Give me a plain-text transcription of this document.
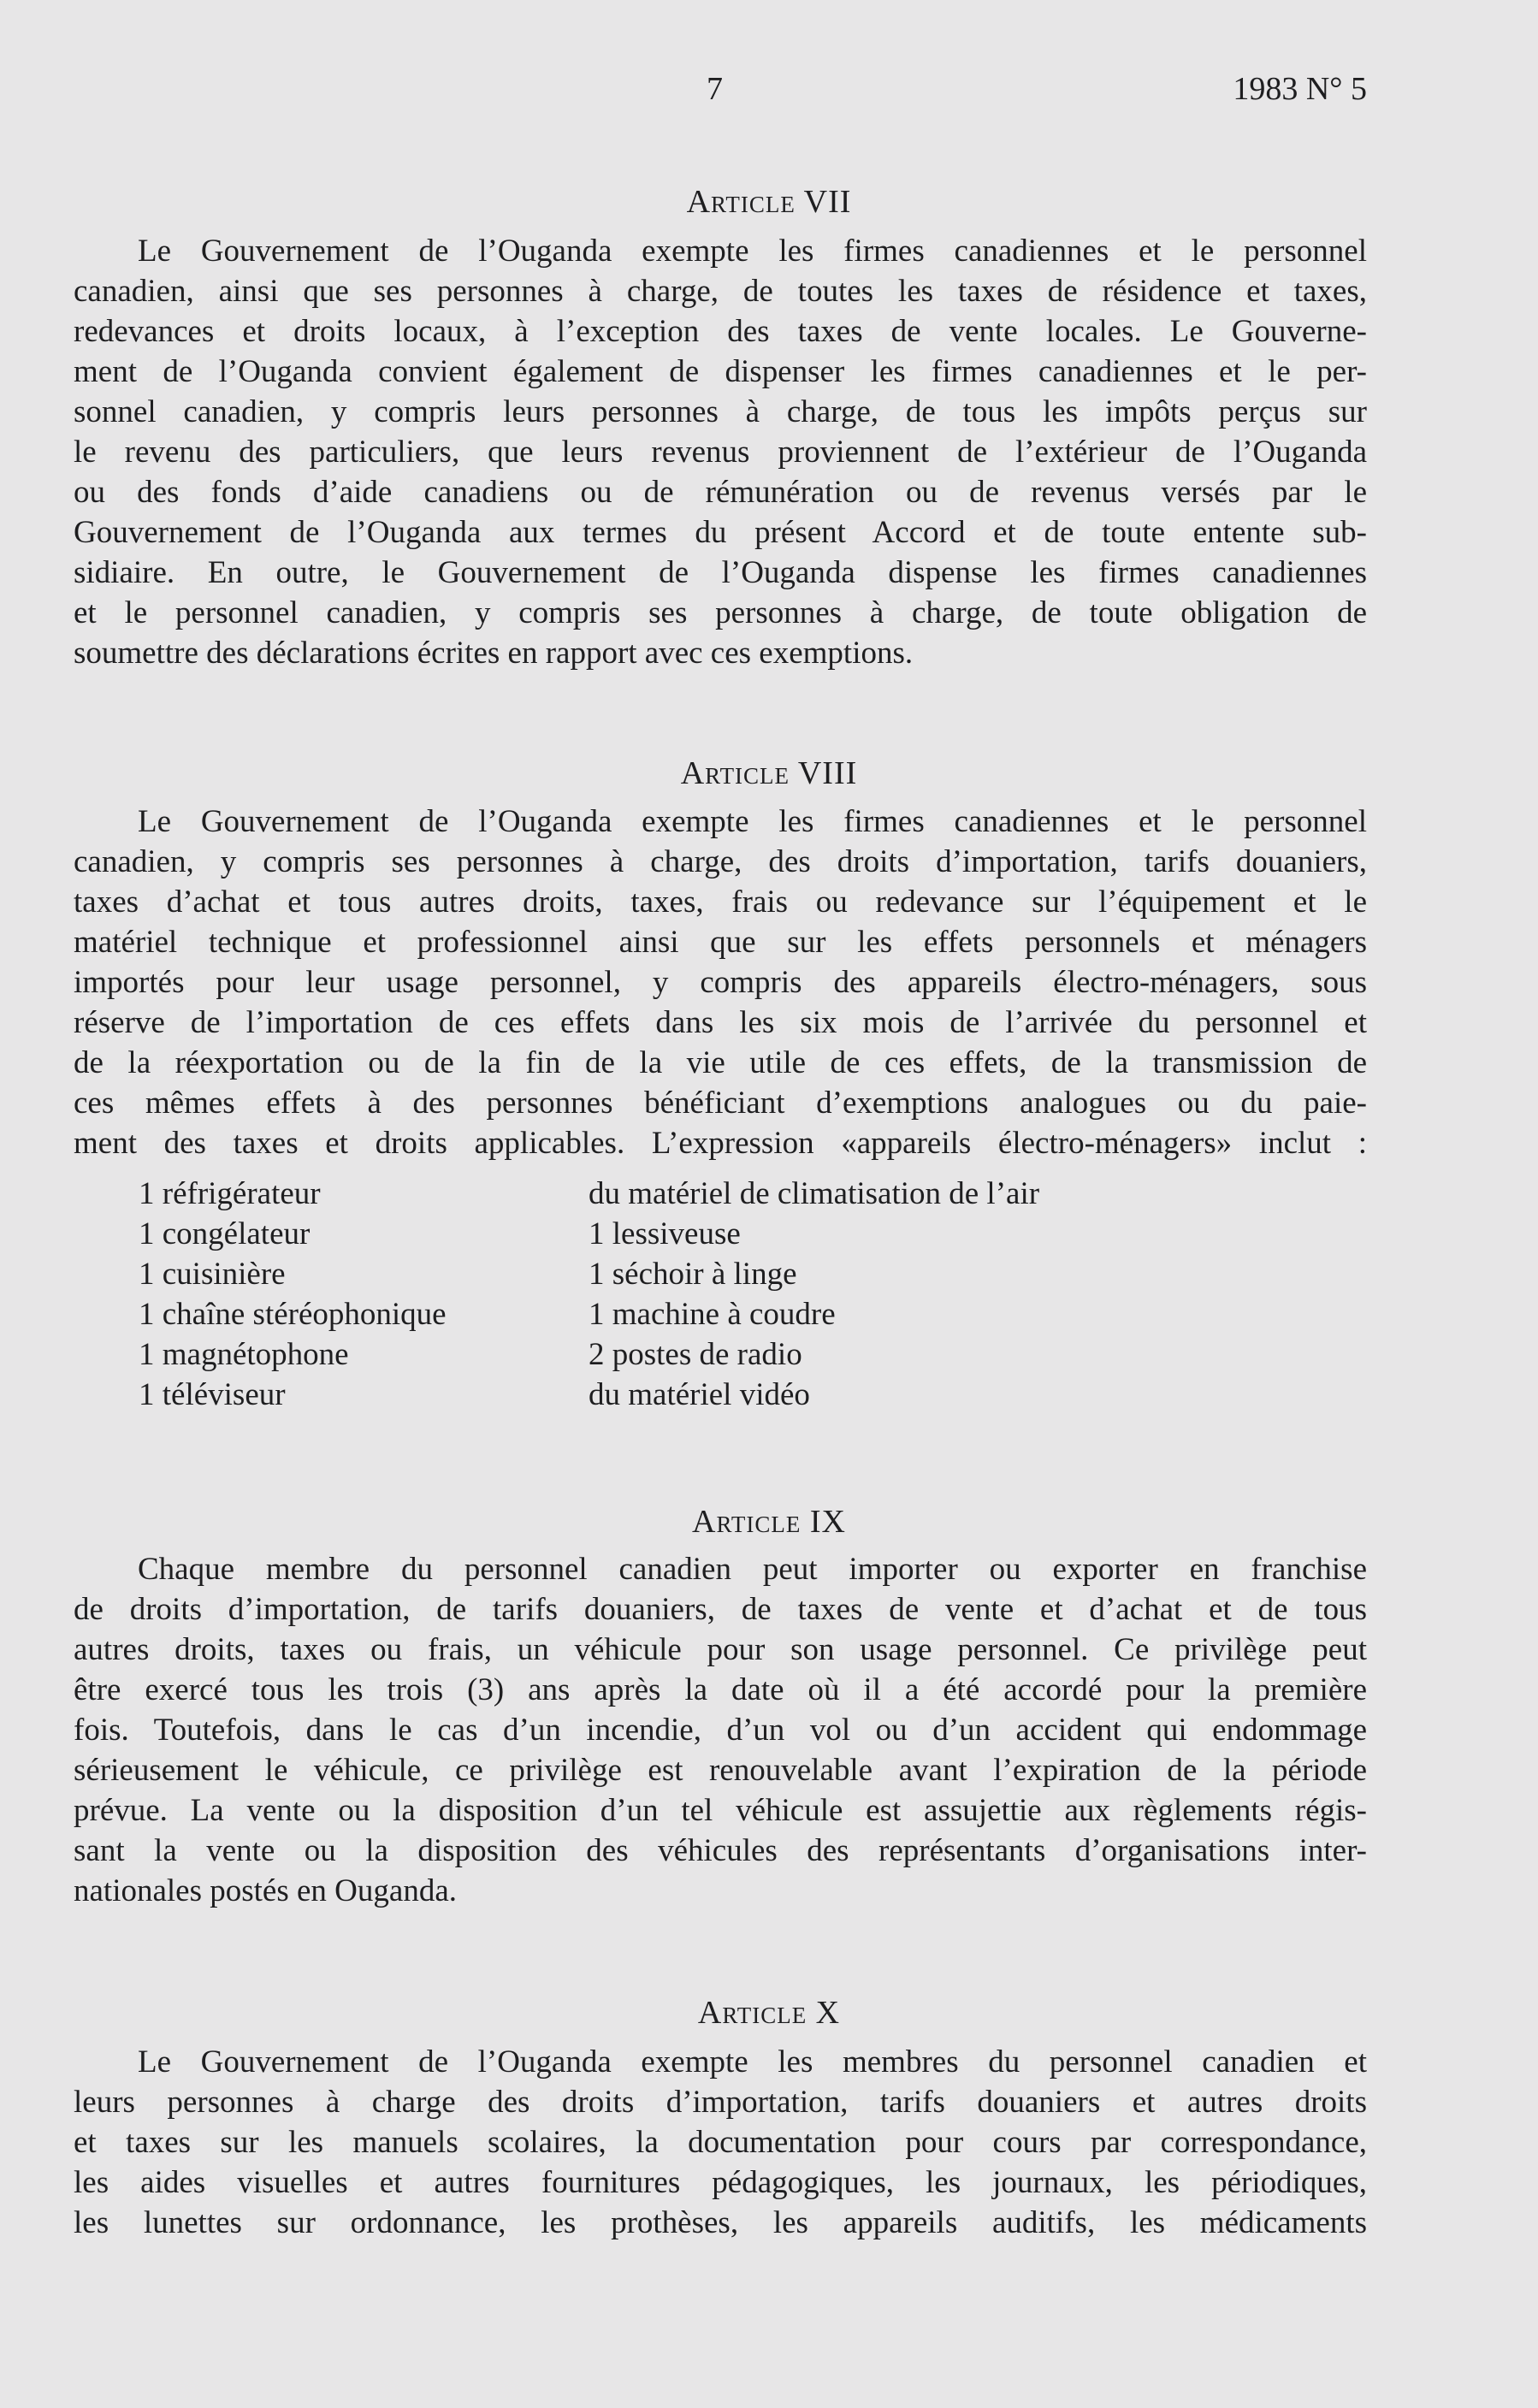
7	1983 N° 5
Article VII
Le Gouvernement de l’Ouganda exempte les firmes canadiennes et le personnel
canadien, ainsi que ses personnes à charge, de toutes les taxes de résidence et taxes,
redevances et droits locaux, à l’exception des taxes de vente locales. Le Gouverne-
ment de l’Ouganda convient également de dispenser les firmes canadiennes et le per-
sonnel canadien, y compris leurs personnes à charge, de tous les impôts perçus sur
le revenu des particuliers, que leurs revenus proviennent de l’extérieur de l’Ouganda
ou des fonds d’aide canadiens ou de rémunération ou de revenus versés par le
Gouvernement de l’Ouganda aux termes du présent Accord et de toute entente sub-
sidiaire. En outre, le Gouvernement de l’Ouganda dispense les firmes canadiennes
et le personnel canadien, y compris ses personnes à charge, de toute obligation de
soumettre des déclarations écrites en rapport avec ces exemptions.
Article VIII
Le Gouvernement de l’Ouganda exempte les firmes canadiennes et le personnel
canadien, y compris ses personnes à charge, des droits d’importation, tarifs douaniers,
taxes d’achat et tous autres droits, taxes, frais ou redevance sur l’équipement et le
matériel technique et professionnel ainsi que sur les effets personnels et ménagers
importés pour leur usage personnel, y compris des appareils électro-ménagers, sous
réserve de l’importation de ces effets dans les six mois de l’arrivée du personnel et
de la réexportation ou de la fin de la vie utile de ces effets, de la transmission de
ces mêmes effets à des personnes bénéficiant d’exemptions analogues ou du paie-
ment des taxes et droits applicables. L’expression «appareils électro-ménagers» inclut :
1 réfrigérateur	du matériel de climatisation de l’air
1 congélateur	1 lessiveuse
1 cuisinière	1 séchoir à linge
1 chaîne stéréophonique	1 machine à coudre
1 magnétophone	2 postes de radio
1 téléviseur	du matériel vidéo
Article IX
Chaque membre du personnel canadien peut importer ou exporter en franchise
de droits d’importation, de tarifs douaniers, de taxes de vente et d’achat et de tous
autres droits, taxes ou frais, un véhicule pour son usage personnel. Ce privilège peut
être exercé tous les trois (3) ans après la date où il a été accordé pour la première
fois. Toutefois, dans le cas d’un incendie, d’un vol ou d’un accident qui endommage
sérieusement le véhicule, ce privilège est renouvelable avant l’expiration de la période
prévue. La vente ou la disposition d’un tel véhicule est assujettie aux règlements régis-
sant la vente ou la disposition des véhicules des représentants d’organisations inter-
nationales postés en Ouganda.
Article X
Le Gouvernement de l’Ouganda exempte les membres du personnel canadien et
leurs personnes à charge des droits d’importation, tarifs douaniers et autres droits
et taxes sur les manuels scolaires, la documentation pour cours par correspondance,
les aides visuelles et autres fournitures pédagogiques, les journaux, les périodiques,
les lunettes sur ordonnance, les prothèses, les appareils auditifs, les médicaments
